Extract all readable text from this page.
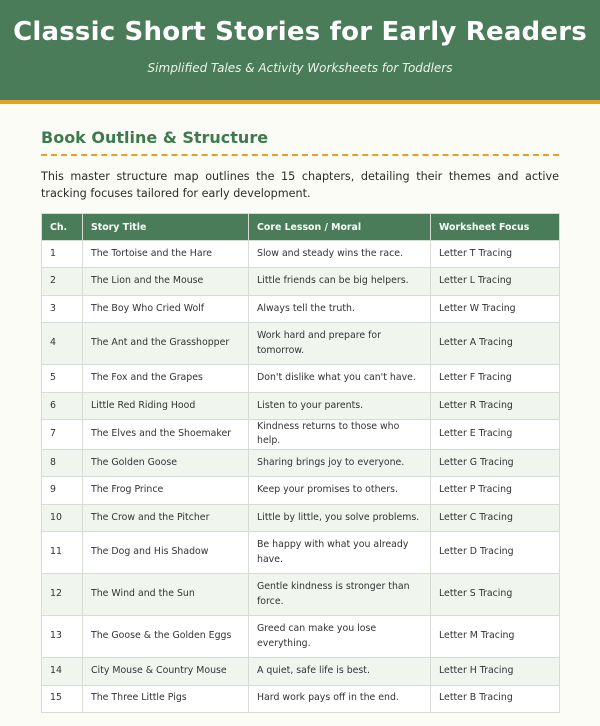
Classic Short Stories for Early Readers
Simplified Tales & Activity Worksheets for Toddlers
Book Outline & Structure

This master structure map outlines the 15 chapters, detailing their themes and active tracking focuses tailored for early development.

Ch.	Story Title	Core Lesson / Moral	Worksheet Focus
1	The Tortoise and the Hare	Slow and steady wins the race.	Letter T Tracing
2	The Lion and the Mouse	Little friends can be big helpers.	Letter L Tracing
3	The Boy Who Cried Wolf	Always tell the truth.	Letter W Tracing
4	The Ant and the Grasshopper	Work hard and prepare for tomorrow.	Letter A Tracing
5	The Fox and the Grapes	Don't dislike what you can't have.	Letter F Tracing
6	Little Red Riding Hood	Listen to your parents.	Letter R Tracing
7	The Elves and the Shoemaker	Kindness returns to those who help.	Letter E Tracing
8	The Golden Goose	Sharing brings joy to everyone.	Letter G Tracing
9	The Frog Prince	Keep your promises to others.	Letter P Tracing
10	The Crow and the Pitcher	Little by little, you solve problems.	Letter C Tracing
11	The Dog and His Shadow	Be happy with what you already have.	Letter D Tracing
12	The Wind and the Sun	Gentle kindness is stronger than force.	Letter S Tracing
13	The Goose & the Golden Eggs	Greed can make you lose everything.	Letter M Tracing
14	City Mouse & Country Mouse	A quiet, safe life is best.	Letter H Tracing
15	The Three Little Pigs	Hard work pays off in the end.	Letter B Tracing
